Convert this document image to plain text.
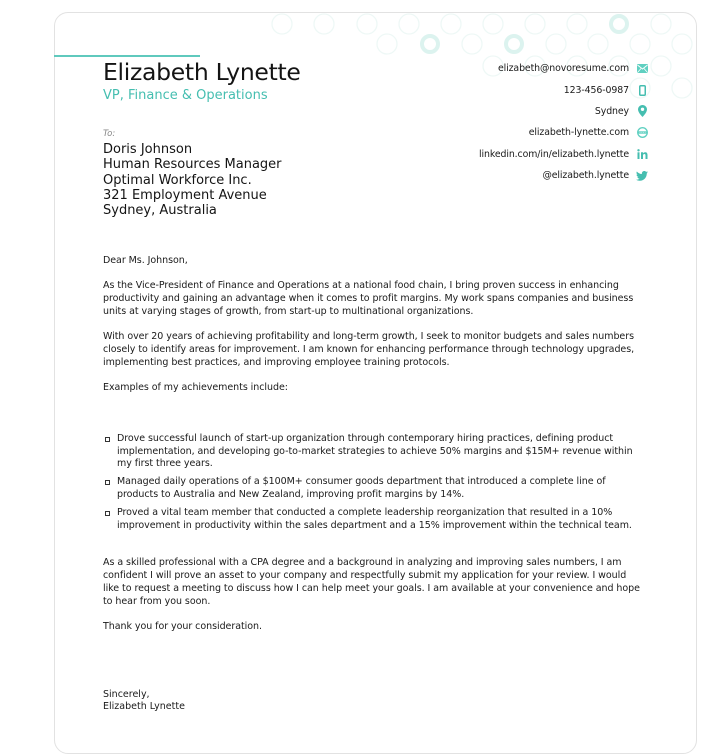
Elizabeth Lynette
VP, Finance & Operations
elizabeth@novoresume.com
123-456-0987
Sydney
elizabeth-lynette.com
linkedin.com/in/elizabeth.lynette
@elizabeth.lynette
To:
Doris Johnson
Human Resources Manager
Optimal Workforce Inc.
321 Employment Avenue
Sydney, Australia

Dear Ms. Johnson,

As the Vice-President of Finance and Operations at a national food chain, I bring proven success in enhancing productivity and gaining an advantage when it comes to profit margins. My work spans companies and business units at varying stages of growth, from start-up to multinational organizations.

With over 20 years of achieving profitability and long-term growth, I seek to monitor budgets and sales numbers closely to identify areas for improvement. I am known for enhancing performance through technology upgrades, implementing best practices, and improving employee training protocols.

Examples of my achievements include:

Drove successful launch of start-up organization through contemporary hiring practices, defining product implementation, and developing go-to-market strategies to achieve 50% margins and $15M+ revenue within my first three years.
Managed daily operations of a $100M+ consumer goods department that introduced a complete line of products to Australia and New Zealand, improving profit margins by 14%.
Proved a vital team member that conducted a complete leadership reorganization that resulted in a 10% improvement in productivity within the sales department and a 15% improvement within the technical team.

As a skilled professional with a CPA degree and a background in analyzing and improving sales numbers, I am confident I will prove an asset to your company and respectfully submit my application for your review. I would like to request a meeting to discuss how I can help meet your goals. I am available at your convenience and hope to hear from you soon.

Thank you for your consideration.

Sincerely,
Elizabeth Lynette
